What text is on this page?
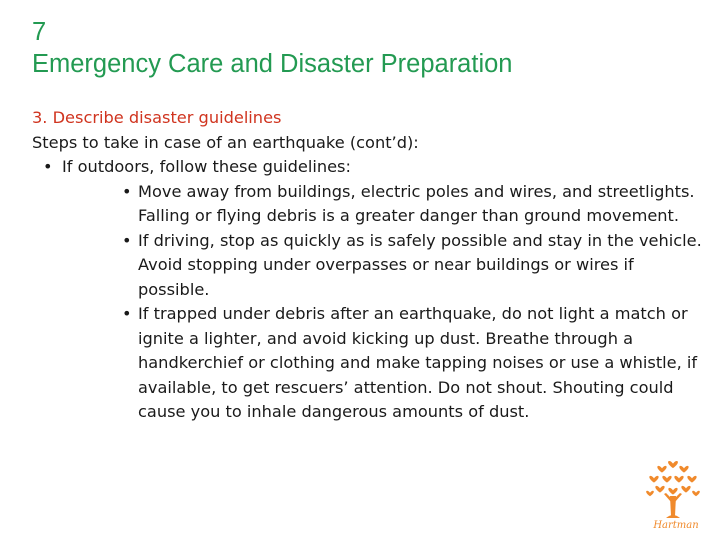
7
Emergency Care and Disaster Preparation
3. Describe disaster guidelines
Steps to take in case of an earthquake (cont’d):
• If outdoors, follow these guidelines:
• Move away from buildings, electric poles and wires, and streetlights. Falling or flying debris is a greater danger than ground movement.
• If driving, stop as quickly as is safely possible and stay in the vehicle. Avoid stopping under overpasses or near buildings or wires if possible.
• If trapped under debris after an earthquake, do not light a match or ignite a lighter, and avoid kicking up dust. Breathe through a handkerchief or clothing and make tapping noises or use a whistle, if available, to get rescuers’ attention. Do not shout. Shouting could cause you to inhale dangerous amounts of dust.
Hartman
